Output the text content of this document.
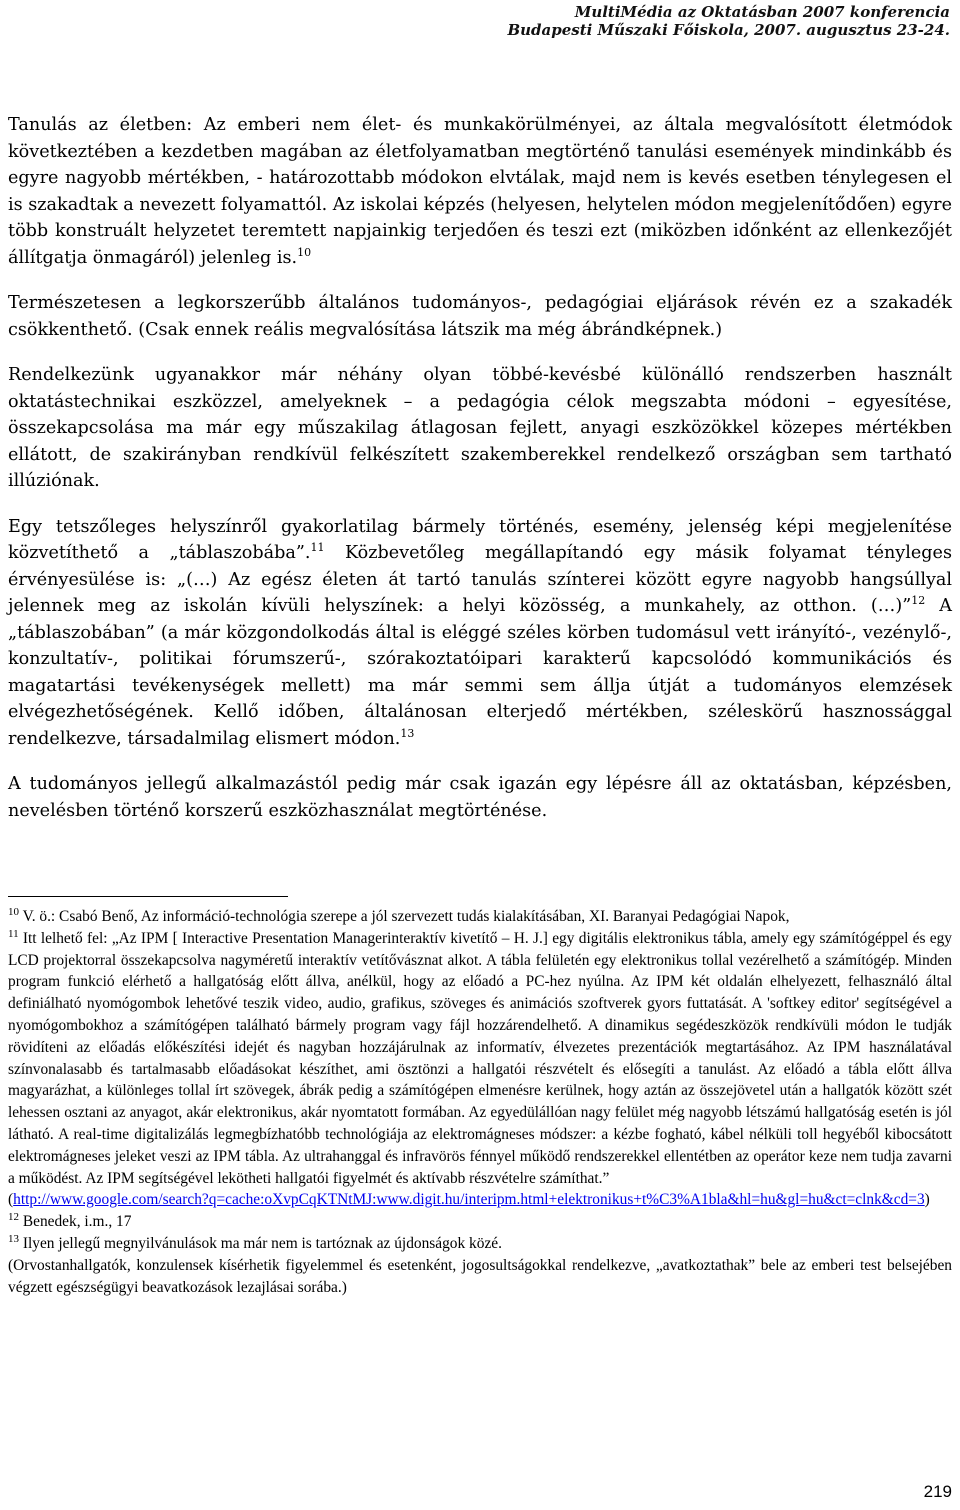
MultiMédia az Oktatásban 2007 konferencia
Budapesti Műszaki Főiskola, 2007. augusztus 23-24.

Tanulás az életben: Az emberi nem élet- és munkakörülményei, az általa megvalósított életmódok következtében a kezdetben magában az életfolyamatban megtörténő tanulási események mindinkább és egyre nagyobb mértékben, - határozottabb módokon elvtálak, majd nem is kevés esetben ténylegesen el is szakadtak a nevezett folyamattól. Az iskolai képzés (helyesen, helytelen módon megjelenítődően) egyre több konstruált helyzetet teremtett napjainkig terjedően és teszi ezt (miközben időnként az ellenkezőjét állítgatja önmagáról) jelenleg is.$^{10}$

Természetesen a legkorszerűbb általános tudományos-, pedagógiai eljárások révén ez a szakadék csökkenthető. (Csak ennek reális megvalósítása látszik ma még ábrándképnek.)

Rendelkezünk ugyanakkor már néhány olyan többé-kevésbé különálló rendszerben használt oktatástechnikai eszközzel, amelyeknek – a pedagógia célok megszabta módoni – egyesítése, összekapcsolása ma már egy műszakilag átlagosan fejlett, anyagi eszközökkel közepes mértékben ellátott, de szakirányban rendkívül felkészített szakemberekkel rendelkező országban sem tartható illúziónak.

Egy tetszőleges helyszínről gyakorlatilag bármely történés, esemény, jelenség képi megjelenítése közvetíthető a „táblaszobába”.$^{11}$ Közbevetőleg megállapítandó egy másik folyamat tényleges érvényesülése is: „(…) Az egész életen át tartó tanulás színterei között egyre nagyobb hangsúllyal jelennek meg az iskolán kívüli helyszínek: a helyi közösség, a munkahely, az otthon. (…)”$^{12}$ A „táblaszobában” (a már közgondolkodás által is eléggé széles körben tudomásul vett irányító-, vezénylő-, konzultatív-, politikai fórumszerű-, szórakoztatóipari karakterű kapcsolódó kommunikációs és magatartási tevékenységek mellett) ma már semmi sem állja útját a tudományos elemzések elvégezhetőségének. Kellő időben, általánosan elterjedő mértékben, széleskörű hasznossággal rendelkezve, társadalmilag elismert módon.$^{13}$

A tudományos jellegű alkalmazástól pedig már csak igazán egy lépésre áll az oktatásban, képzésben, nevelésben történő korszerű eszközhasználat megtörténése.

$^{10}$ V. ö.: Csabó Benő, Az információ-technológia szerepe a jól szervezett tudás kialakításában, XI. Baranyai Pedagógiai Napok,

$^{11}$ Itt lelhető fel: „Az IPM [ Interactive Presentation Managerinteraktív kivetítő – H. J.] egy digitális elektronikus tábla, amely egy számítógéppel és egy LCD projektorral összekapcsolva nagyméretű interaktív vetítővásznat alkot. A tábla felületén egy elektronikus tollal vezérelhető a számítógép. Minden program funkció elérhető a hallgatóság előtt állva, anélkül, hogy az előadó a PC-hez nyúlna. Az IPM két oldalán elhelyezett, felhasználó által definiálható nyomógombok lehetővé teszik video, audio, grafikus, szöveges és animációs szoftverek gyors futtatását. A 'softkey editor' segítségével a nyomógombokhoz a számítógépen található bármely program vagy fájl hozzárendelhető. A dinamikus segédeszközök rendkívüli módon le tudják rövidíteni az előadás előkészítési idejét és nagyban hozzájárulnak az informatív, élvezetes prezentációk megtartásához. Az IPM használatával színvonalasabb és tartalmasabb előadásokat készíthet, ami ösztönzi a hallgatói részvételt és elősegíti a tanulást. Az előadó a tábla előtt állva magyarázhat, a különleges tollal írt szövegek, ábrák pedig a számítógépen elmenésre kerülnek, hogy aztán az összejövetel után a hallgatók között szét lehessen osztani az anyagot, akár elektronikus, akár nyomtatott formában. Az egyedülállóan nagy felület még nagyobb létszámú hallgatóság esetén is jól látható. A real-time digitalizálás legmegbízhatóbb technológiája az elektromágneses módszer: a kézbe fogható, kábel nélküli toll hegyéből kibocsátott elektromágneses jeleket veszi az IPM tábla. Az ultrahanggal és infravörös fénnyel működő rendszerekkel ellentétben az operátor keze nem tudja zavarni a működést. Az IPM segítségével lekötheti hallgatói figyelmét és aktívabb részvételre számíthat.”

(http://www.google.com/search?q=cache:oXvpCqKTNtMJ:www.digit.hu/interipm.html+elektronikus+t%C3%A1bla&hl=hu&gl=hu&ct=clnk&cd=3)

$^{12}$ Benedek, i.m., 17

$^{13}$ Ilyen jellegű megnyilvánulások ma már nem is tartóznak az újdonságok közé.

(Orvostanhallgatók, konzulensek kísérhetik figyelemmel és esetenként, jogosultságokkal rendelkezve, „avatkoztathak” bele az emberi test belsejében végzett egészségügyi beavatkozások lezajlásai sorába.)

219
